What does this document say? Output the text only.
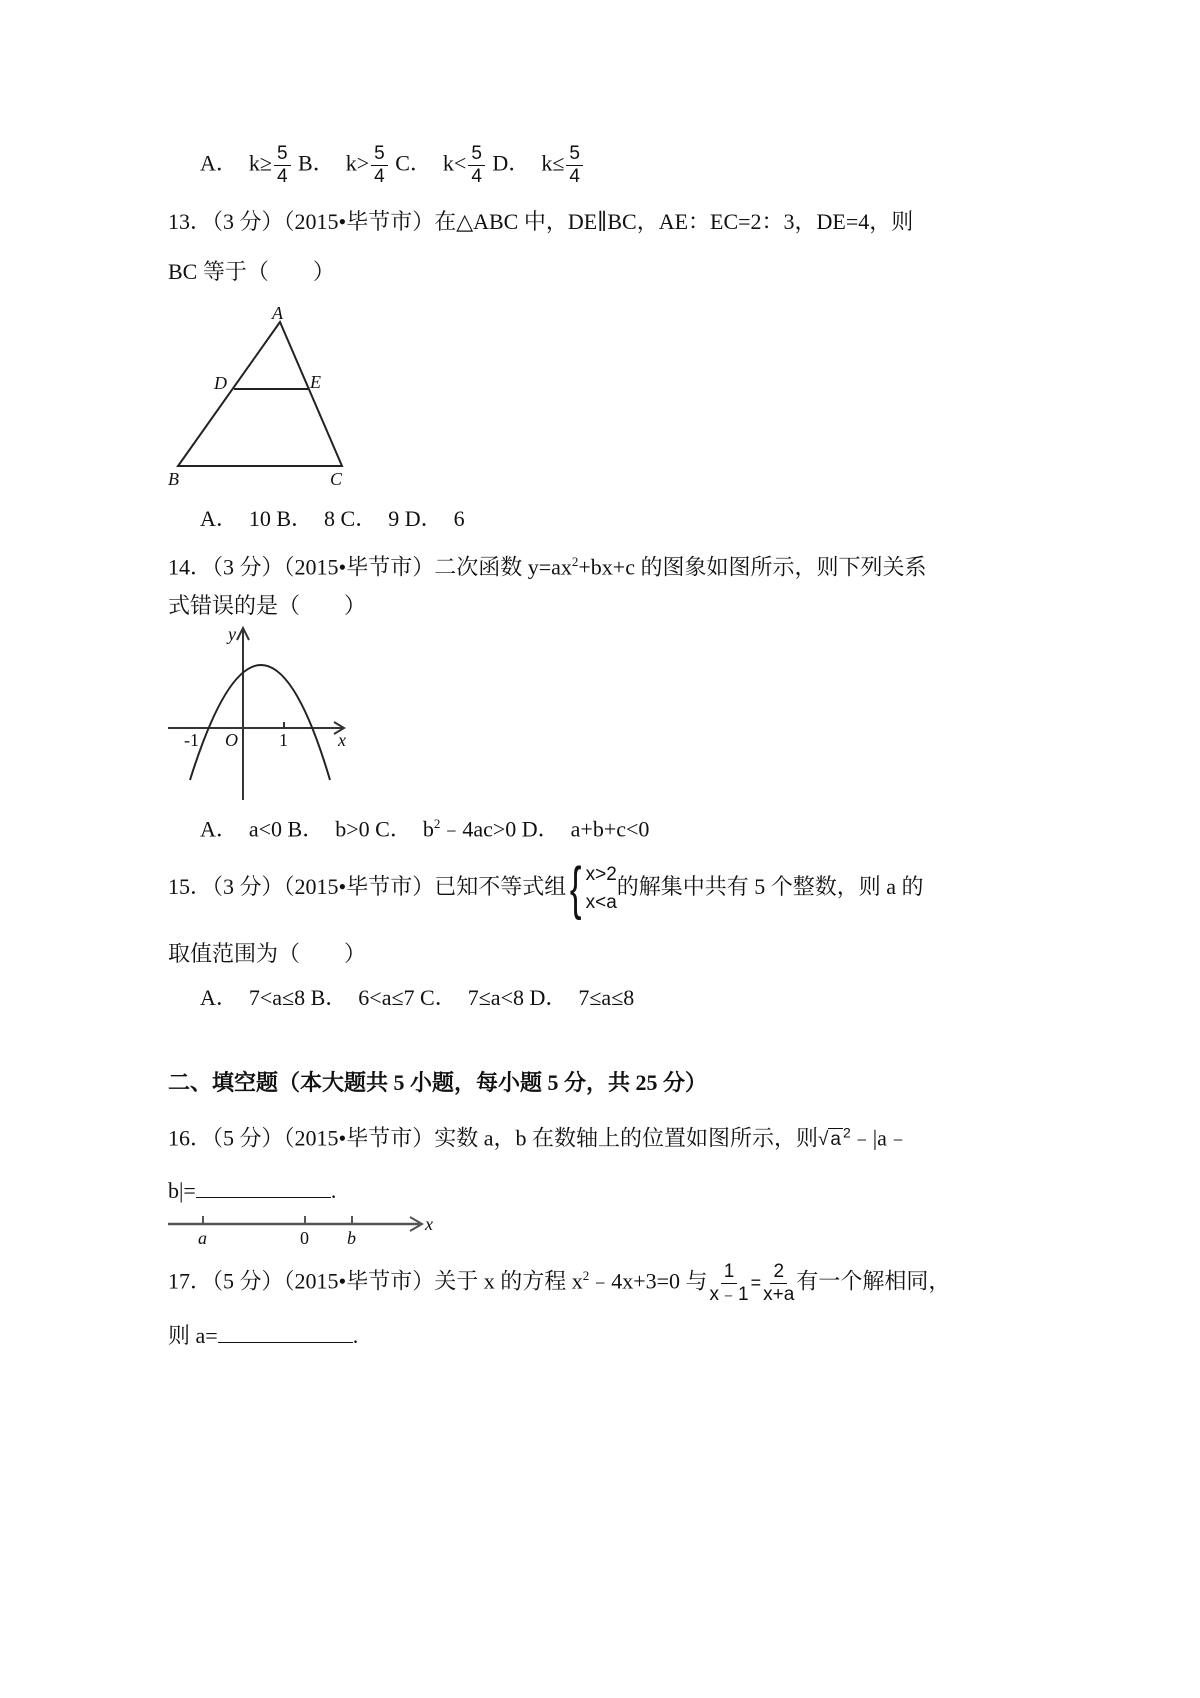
A． $k\ge \frac{5}{4}$ B． $k> \frac{5}{4}$ C． $k< \frac{5}{4}$ D． $k\le \frac{5}{4}$
13．（3 分）（2015•毕节市）在△ABC 中，DE∥BC，AE：EC=2：3，DE=4，则
BC 等于（　　）
A
B	C
D	E
A．　10 B．　8 C．　9 D．　6
14．（3 分）（2015•毕节市）二次函数 $y=ax^2+bx+c$ 的图象如图所示，则下列关系
式错误的是（　　）
y
x
O
-1	1
A．　a<0 B．　b>0 C．　$b^2﹣4ac>0$ D．　a+b+c<0
15．（3 分）（2015•毕节市）已知不等式组 { x>2
x<a
的解集中共有 5 个整数，则 a 的
取值范围为（　　）
A．　7<a≤8 B．　6<a≤7 C．　7≤a<8 D．　7≤a≤8
二、填空题（本大题共 5 小题，每小题 5 分，共 25 分）
16．（5 分）（2015•毕节市）实数 a，b 在数轴上的位置如图所示，则√ a $^2$﹣|a﹣
b|=	.
a	0 b
x
17．（5 分）（2015•毕节市）关于 x 的方程 $x^2﹣4x+3=0$ 与 $\frac{1}{x﹣1} = \frac{2}{x+a}$ 有一个解相同，
则 a=	.
